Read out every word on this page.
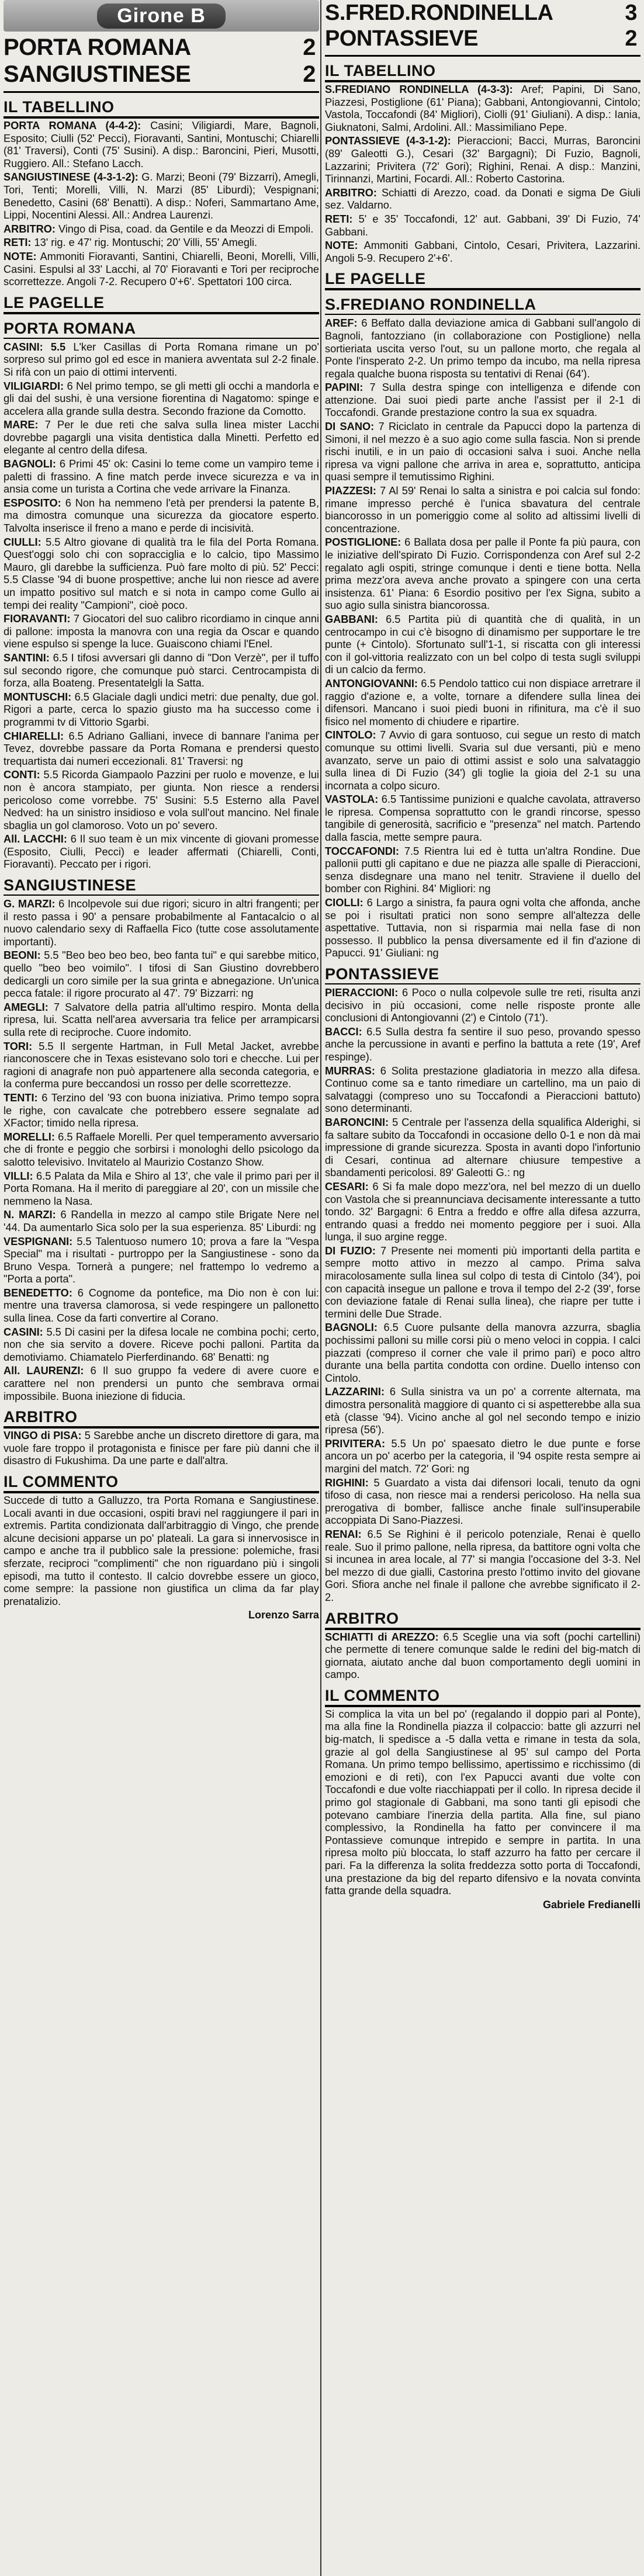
Girone B
PORTA ROMANA	2
SANGIUSTINESE	2
IL TABELLINO

PORTA ROMANA (4-4-2): Casini; Viligiardi, Mare, Bagnoli, Esposito; Ciulli (52' Pecci), Fioravanti, Santini, Montuschi; Chiarelli (81' Traversi), Conti (75' Susini). A disp.: Baroncini, Pieri, Musotti, Ruggiero. All.: Stefano Lacch.

SANGIUSTINESE (4-3-1-2): G. Marzi; Beoni (79' Bizzarri), Amegli, Tori, Tenti; Morelli, Villi, N. Marzi (85' Liburdi); Vespignani; Benedetto, Casini (68' Benatti). A disp.: Noferi, Sammartano Ame, Lippi, Nocentini Alessi. All.: Andrea Laurenzi.

ARBITRO: Vingo di Pisa, coad. da Gentile e da Meozzi di Empoli.

RETI: 13' rig. e 47' rig. Montuschi; 20' Villi, 55' Amegli.

NOTE: Ammoniti Fioravanti, Santini, Chiarelli, Beoni, Morelli, Villi, Casini. Espulsi al 33' Lacchi, al 70' Fioravanti e Tori per reciproche scorrettezze. Angoli 7-2. Recupero 0'+6'. Spettatori 100 circa.

LE PAGELLE
PORTA ROMANA

CASINI: 5.5 L'ker Casillas di Porta Romana rimane un po' sorpreso sul primo gol ed esce in maniera avventata sul 2-2 finale. Si rifà con un paio di ottimi interventi.

VILIGIARDI: 6 Nel primo tempo, se gli metti gli occhi a mandorla e gli dai del sushi, è una versione fiorentina di Nagatomo: spinge e accelera alla grande sulla destra. Secondo frazione da Comotto.

MARE: 7 Per le due reti che salva sulla linea mister Lacchi dovrebbe pagargli una visita dentistica dalla Minetti. Perfetto ed elegante al centro della difesa.

BAGNOLI: 6 Primi 45' ok: Casini lo teme come un vampiro teme i paletti di frassino. A fine match perde invece sicurezza e va in ansia come un turista a Cortina che vede arrivare la Finanza.

ESPOSITO: 6 Non ha nemmeno l'età per prendersi la patente B, ma dimostra comunque una sicurezza da giocatore esperto. Talvolta inserisce il freno a mano e perde di incisività.

CIULLI: 5.5 Altro giovane di qualità tra le fila del Porta Romana. Quest'oggi solo chi con sopracciglia e lo calcio, tipo Massimo Mauro, gli darebbe la sufficienza. Può fare molto di più. 52' Pecci: 5.5 Classe '94 di buone prospettive; anche lui non riesce ad avere un impatto positivo sul match e si nota in campo come Gullo ai tempi dei reality "Campioni", cioè poco.

FIORAVANTI: 7 Giocatori del suo calibro ricordiamo in cinque anni di pallone: imposta la manovra con una regia da Oscar e quando viene espulso si spenge la luce. Guaiscono chiami l'Enel.

SANTINI: 6.5 I tifosi avversari gli danno di "Don Verzè", per il tuffo sul secondo rigore, che comunque può starci. Centrocampista di forza, alla Boateng. Presentatelgli la Satta.

MONTUSCHI: 6.5 Glaciale dagli undici metri: due penalty, due gol. Rigori a parte, cerca lo spazio giusto ma ha successo come i programmi tv di Vittorio Sgarbi.

CHIARELLI: 6.5 Adriano Galliani, invece di bannare l'anima per Tevez, dovrebbe passare da Porta Romana e prendersi questo trequartista dai numeri eccezionali. 81' Traversi: ng

CONTI: 5.5 Ricorda Giampaolo Pazzini per ruolo e movenze, e lui non è ancora stampiato, per giunta. Non riesce a rendersi pericoloso come vorrebbe. 75' Susini: 5.5 Esterno alla Pavel Nedved: ha un sinistro insidioso e vola sull'out mancino. Nel finale sbaglia un gol clamoroso. Voto un po' severo.

All. LACCHI: 6 Il suo team è un mix vincente di giovani promesse (Esposito, Ciulli, Pecci) e leader affermati (Chiarelli, Conti, Fioravanti). Peccato per i rigori.

SANGIUSTINESE

G. MARZI: 6 Incolpevole sui due rigori; sicuro in altri frangenti; per il resto passa i 90' a pensare probabilmente al Fantacalcio o al nuovo calendario sexy di Raffaella Fico (tutte cose assolutamente importanti).

BEONI: 5.5 "Beo beo beo beo, beo fanta tui" e qui sarebbe mitico, quello "beo beo voimilo". I tifosi di San Giustino dovrebbero dedicargli un coro simile per la sua grinta e abnegazione. Un'unica pecca fatale: il rigore procurato al 47'. 79' Bizzarri: ng

AMEGLI: 7 Salvatore della patria all'ultimo respiro. Monta della ripresa, lui. Scatta nell'area avversaria tra felice per arrampicarsi sulla rete di reciproche. Cuore indomito.

TORI: 5.5 Il sergente Hartman, in Full Metal Jacket, avrebbe rianconoscere che in Texas esistevano solo tori e checche. Lui per ragioni di anagrafe non può appartenere alla seconda categoria, e la conferma pure beccandosi un rosso per delle scorrettezze.

TENTI: 6 Terzino del '93 con buona iniziativa. Primo tempo sopra le righe, con cavalcate che potrebbero essere segnalate ad XFactor; timido nella ripresa.

MORELLI: 6.5 Raffaele Morelli. Per quel temperamento avversario che di fronte e peggio che sorbirsi i monologhi dello psicologo da salotto televisivo. Invitatelo al Maurizio Costanzo Show.

VILLI: 6.5 Palata da Mila e Shiro al 13', che vale il primo pari per il Porta Romana. Ha il merito di pareggiare al 20', con un missile che nemmeno la Nasa.

N. MARZI: 6 Randella in mezzo al campo stile Brigate Nere nel '44. Da aumentarlo Sica solo per la sua esperienza. 85' Liburdi: ng

VESPIGNANI: 5.5 Talentuoso numero 10; prova a fare la "Vespa Special" ma i risultati - purtroppo per la Sangiustinese - sono da Bruno Vespa. Tornerà a pungere; nel frattempo lo vedremo a "Porta a porta".

BENEDETTO: 6 Cognome da pontefice, ma Dio non è con lui: mentre una traversa clamorosa, si vede respingere un pallonetto sulla linea. Cose da farti convertire al Corano.

CASINI: 5.5 Di casini per la difesa locale ne combina pochi; certo, non che sia servito a dovere. Riceve pochi palloni. Partita da demotiviamo. Chiamatelo Pierferdinando. 68' Benatti: ng

All. LAURENZI: 6 Il suo gruppo fa vedere di avere cuore e carattere nel non prendersi un punto che sembrava ormai impossibile. Buona iniezione di fiducia.

ARBITRO

VINGO di PISA: 5 Sarebbe anche un discreto direttore di gara, ma vuole fare troppo il protagonista e finisce per fare più danni che il disastro di Fukushima. Da une parte e dall'altra.

IL COMMENTO

Succede di tutto a Galluzzo, tra Porta Romana e Sangiustinese. Locali avanti in due occasioni, ospiti bravi nel raggiungere il pari in extremis. Partita condizionata dall'arbitraggio di Vingo, che prende alcune decisioni apparse un po' plateali. La gara si innervosisce in campo e anche tra il pubblico sale la pressione: polemiche, frasi sferzate, reciproci "complimenti" che non riguardano più i singoli episodi, ma tutto il contesto. Il calcio dovrebbe essere un gioco, come sempre: la passione non giustifica un clima da far play prenatalizio.

Lorenzo Sarra
S.FRED.RONDINELLA	3
PONTASSIEVE	2
IL TABELLINO

S.FREDIANO RONDINELLA (4-3-3): Aref; Papini, Di Sano, Piazzesi, Postiglione (61' Piana); Gabbani, Antongiovanni, Cintolo; Vastola, Toccafondi (84' Migliori), Ciolli (91' Giuliani). A disp.: Iania, Giuknatoni, Salmi, Ardolini. All.: Massimiliano Pepe.

PONTASSIEVE (4-3-1-2): Pieraccioni; Bacci, Murras, Baroncini (89' Galeotti G.), Cesari (32' Bargagni); Di Fuzio, Bagnoli, Lazzarini; Privitera (72' Gori); Righini, Renai. A disp.: Manzini, Tirinnanzi, Martini, Focardi. All.: Roberto Castorina.

ARBITRO: Schiatti di Arezzo, coad. da Donati e sigma De Giuli sez. Valdarno.

RETI: 5' e 35' Toccafondi, 12' aut. Gabbani, 39' Di Fuzio, 74' Gabbani.

NOTE: Ammoniti Gabbani, Cintolo, Cesari, Privitera, Lazzarini. Angoli 5-9. Recupero 2'+6'.

LE PAGELLE
S.FREDIANO RONDINELLA

AREF: 6 Beffato dalla deviazione amica di Gabbani sull'angolo di Bagnoli, fantozziano (in collaborazione con Postiglione) nella sortieriata uscita verso l'out, su un pallone morto, che regala al Ponte l'insperato 2-2. Un primo tempo da incubo, ma nella ripresa regala qualche buona risposta su tentativi di Renai (64').

PAPINI: 7 Sulla destra spinge con intelligenza e difende con attenzione. Dai suoi piedi parte anche l'assist per il 2-1 di Toccafondi. Grande prestazione contro la sua ex squadra.

DI SANO: 7 Riciclato in centrale da Papucci dopo la partenza di Simoni, il nel mezzo è a suo agio come sulla fascia. Non si prende rischi inutili, e in un paio di occasioni salva i suoi. Anche nella ripresa va vigni pallone che arriva in area e, soprattutto, anticipa quasi sempre il temutissimo Righini.

PIAZZESI: 7 Al 59' Renai lo salta a sinistra e poi calcia sul fondo: rimane impresso perché è l'unica sbavatura del centrale biancorosso in un pomeriggio come al solito ad altissimi livelli di concentrazione.

POSTIGLIONE: 6 Ballata dosa per palle il Ponte fa più paura, con le iniziative dell'spirato Di Fuzio. Corrispondenza con Aref sul 2-2 regalato agli ospiti, stringe comunque i denti e tiene botta. Nella prima mezz'ora aveva anche provato a spingere con una certa insistenza. 61' Piana: 6 Esordio positivo per l'ex Signa, subito a suo agio sulla sinistra biancorossa.

GABBANI: 6.5 Partita più di quantità che di qualità, in un centrocampo in cui c'è bisogno di dinamismo per supportare le tre punte (+ Cintolo). Sfortunato sull'1-1, si riscatta con gli interessi con il gol-vittoria realizzato con un bel colpo di testa sugli sviluppi di un calcio da fermo.

ANTONGIOVANNI: 6.5 Pendolo tattico cui non dispiace arretrare il raggio d'azione e, a volte, tornare a difendere sulla linea dei difensori. Mancano i suoi piedi buoni in rifinitura, ma c'è il suo fisico nel momento di chiudere e ripartire.

CINTOLO: 7 Avvio di gara sontuoso, cui segue un resto di match comunque su ottimi livelli. Svaria sul due versanti, più e meno avanzato, serve un paio di ottimi assist e solo una salvataggio sulla linea di Di Fuzio (34') gli toglie la gioia del 2-1 su una incornata a colpo sicuro.

VASTOLA: 6.5 Tantissime punizioni e qualche cavolata, attraverso le ripresa. Compensa soprattutto con le grandi rincorse, spesso tangibile di generosità, sacrificio e "presenza" nel match. Partendo dalla fascia, mette sempre paura.

TOCCAFONDI: 7.5 Rientra lui ed è tutta un'altra Rondine. Due pallonii putti gli capitano e due ne piazza alle spalle di Pieraccioni, senza disdegnare una mano nel tenitr. Straviene il duello del bomber con Righini. 84' Migliori: ng

CIOLLI: 6 Largo a sinistra, fa paura ogni volta che affonda, anche se poi i risultati pratici non sono sempre all'altezza delle aspettative. Tuttavia, non si risparmia mai nella fase di non possesso. Il pubblico la pensa diversamente ed il fin d'azione di Papucci. 91' Giuliani: ng

PONTASSIEVE

PIERACCIONI: 6 Poco o nulla colpevole sulle tre reti, risulta anzi decisivo in più occasioni, come nelle risposte pronte alle conclusioni di Antongiovanni (2') e Cintolo (71').

BACCI: 6.5 Sulla destra fa sentire il suo peso, provando spesso anche la percussione in avanti e perfino la battuta a rete (19', Aref respinge).

MURRAS: 6 Solita prestazione gladiatoria in mezzo alla difesa. Continuo come sa e tanto rimediare un cartellino, ma un paio di salvataggi (compreso uno su Toccafondi a Pieraccioni battuto) sono determinanti.

BARONCINI: 5 Centrale per l'assenza della squalifica Alderighi, si fa saltare subito da Toccafondi in occasione dello 0-1 e non dà mai impressione di grande sicurezza. Sposta in avanti dopo l'infortunio di Cesari, continua ad alternare chiusure tempestive a sbandamenti pericolosi. 89' Galeotti G.: ng

CESARI: 6 Si fa male dopo mezz'ora, nel bel mezzo di un duello con Vastola che si preannunciava decisamente interessante a tutto tondo. 32' Bargagni: 6 Entra a freddo e offre alla difesa azzurra, entrando quasi a freddo nei momento peggiore per i suoi. Alla lunga, il suo argine regge.

DI FUZIO: 7 Presente nei momenti più importanti della partita e sempre motto attivo in mezzo al campo. Prima salva miracolosamente sulla linea sul colpo di testa di Cintolo (34'), poi con capacità insegue un pallone e trova il tempo del 2-2 (39', forse con deviazione fatale di Renai sulla linea), che riapre per tutte i termini delle Due Strade.

BAGNOLI: 6.5 Cuore pulsante della manovra azzurra, sbaglia pochissimi palloni su mille corsi più o meno veloci in coppia. I calci piazzati (compreso il corner che vale il primo pari) e poco altro durante una bella partita condotta con ordine. Duello intenso con Cintolo.

LAZZARINI: 6 Sulla sinistra va un po' a corrente alternata, ma dimostra personalità maggiore di quanto ci si aspetterebbe alla sua età (classe '94). Vicino anche al gol nel secondo tempo e inizio ripresa (56').

PRIVITERA: 5.5 Un po' spaesato dietro le due punte e forse ancora un po' acerbo per la categoria, il '94 ospite resta sempre ai margini del match. 72' Gori: ng

RIGHINI: 5 Guardato a vista dai difensori locali, tenuto da ogni tifoso di casa, non riesce mai a rendersi pericoloso. Ha nella sua prerogativa di bomber, fallisce anche finale sull'insuperabile accoppiata Di Sano-Piazzesi.

RENAI: 6.5 Se Righini è il pericolo potenziale, Renai è quello reale. Suo il primo pallone, nella ripresa, da battitore ogni volta che si incunea in area locale, al 77' si mangia l'occasione del 3-3. Nel bel mezzo di due gialli, Castorina presto l'ottimo invito del giovane Gori. Sfiora anche nel finale il pallone che avrebbe significato il 2-2.

ARBITRO

SCHIATTI di AREZZO: 6.5 Sceglie una via soft (pochi cartellini) che permette di tenere comunque salde le redini del big-match di giornata, aiutato anche dal buon comportamento degli uomini in campo.

IL COMMENTO

Si complica la vita un bel po' (regalando il doppio pari al Ponte), ma alla fine la Rondinella piazza il colpaccio: batte gli azzurri nel big-match, li spedisce a -5 dalla vetta e rimane in testa da sola, grazie al gol della Sangiustinese al 95' sul campo del Porta Romana. Un primo tempo bellissimo, apertissimo e ricchissimo (di emozioni e di reti), con l'ex Papucci avanti due volte con Toccafondi e due volte riacchiappati per il collo. In ripresa decide il primo gol stagionale di Gabbani, ma sono tanti gli episodi che potevano cambiare l'inerzia della partita. Alla fine, sul piano complessivo, la Rondinella ha fatto per convincere il ma Pontassieve comunque intrepido e sempre in partita. In una ripresa molto più bloccata, lo staff azzurro ha fatto per cercare il pari. Fa la differenza la solita freddezza sotto porta di Toccafondi, una prestazione da big del reparto difensivo e la novata convinta fatta grande della squadra.

Gabriele Fredianelli
